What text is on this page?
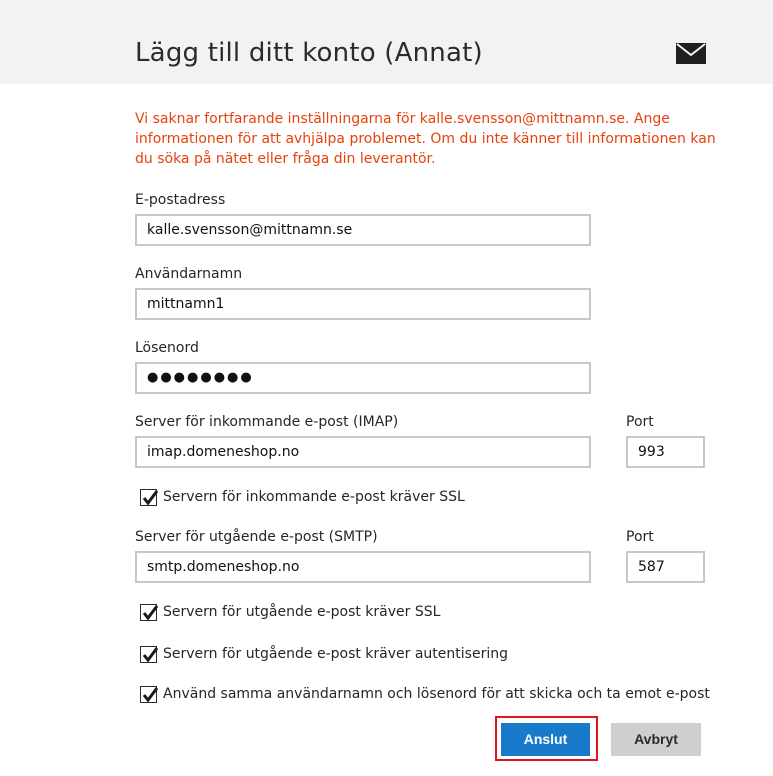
Lägg till ditt konto (Annat)
Vi saknar fortfarande inställningarna för kalle.svensson@mittnamn.se. Ange informationen för att avhjälpa problemet. Om du inte känner till informationen kan du söka på nätet eller fråga din leverantör.
E-postadress
kalle.svensson@mittnamn.se
Användarnamn
mittnamn1
Lösenord
●●●●●●●●
Server för inkommande e-post (IMAP)
imap.domeneshop.no
Port
993
Servern för inkommande e-post kräver SSL
Server för utgående e-post (SMTP)
smtp.domeneshop.no
Port
587
Servern för utgående e-post kräver SSL
Servern för utgående e-post kräver autentisering
Använd samma användarnamn och lösenord för att skicka och ta emot e-post
Anslut	Avbryt
